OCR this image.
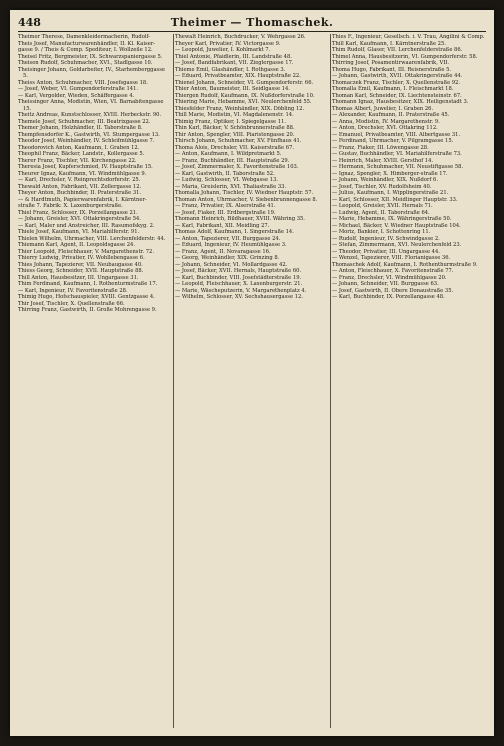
448	Theimer — Thomaschek.

Theimer Therese, Damenkleidermacherin, Rudolf-

Theis Josef, Manufacturwarenhändler, II. Kl. Kaiser-

gasse 9. / Theis & Comp. Spediteur, I. Wollzeile 12.

Theisel Fritz, Bergmeister, IX. Schwarzspaniergasse 5.

Theisen Rudolf, Schuhmacher, XVI., Stadlgasse 10.

Theisinger Johann, Goldarbeiter, IV., Starhemberggasse 5.

Theiss Anton, Schuhmacher, VIII. Josefsgasse 18.

— Josef, Weber, VI. Gumpendorferstraße 141.

— Karl, Vergolder, Wieden, Schäffergasse 4.

Theissinger Anna, Modistin, Wien, VI. Barnabitengasse 15.

Theitz Andreas, Kunstschlosser, XVIII. Herbeckstr. 90.

Themele Josef, Schuhmacher, III. Beatrixgasse 22.

Themer Johann, Holzhändler, II. Taborstraße 8.

Thempfensdorfer K., Gastwirth, VI. Stumpergasse 13.

Theodor Josef, Weinhändler, IV. Schleifmühlgasse 7.

Theodorovich Anton, Kaufmann, I. Graben 12.

Theophil Franz, Bäcker, Landstr., Kollergasse 5.

Therer Franz, Tischler, VII. Kirchengasse 22.

Theresia Josef, Kupferschmied, IV. Hauptstraße 15.

Theurer Ignaz, Kaufmann, VI. Windmühlgasse 9.

— Karl, Drechsler, V. Reinprechtsdorferstr. 25.

Thewald Anton, Fabrikant, VII. Zollergasse 12.

Theyer Anton, Buchbinder, II. Praterstraße 31.

— & Hardtmuth, Papierwarenfabrik, I. Kärntner-

straße 7. Fabrik: X. Laxenburgerstraße.

Thiel Franz, Schlosser, IX. Porzellangasse 21.

— Johann, Greisler, XVI. Ottakringerstraße 54.

— Karl, Maler und Anstreicher, III. Rasumofskyg. 2.

Thiele Josef, Kaufmann, VI. Mariahilferstr. 91.

Thielen Wilhelm, Uhrmacher, VIII. Lerchenfelderstr. 44.

Thiemann Karl, Agent, II. Leopoldsgasse 24.

Thier Leopold, Fleischhauer, V. Margarethenstr. 72.

Thierry Ludwig, Privatier, IV. Wohllebengasse 6.

Thies Johann, Tapezierer, VII. Neubaugasse 40.

Thiess Georg, Schneider, XVII. Hauptstraße 88.

Thill Anton, Hausbesitzer, III. Ungargasse 31.

Thim Ferdinand, Kaufmann, I. Rothenturmstraße 17.

— Karl, Ingenieur, IV. Favoritenstraße 28.

Thimig Hugo, Hofschauspieler, XVIII. Gentzgasse 4.

Thir Josef, Tischler, X. Quellenstraße 66.

Thirring Franz, Gastwirth, II. Große Mohrengasse 9.

Thewalt Heinrich, Buchdrucker, V. Wehrgasse 26.

Theyer Karl, Privatier, IV. Victorgasse 9.

— Leopold, Juwelier, I. Kohlmarkt 7.

Thiel Antonie, Pfaidlerin, III. Landstraße 48.

— Josef, Bandfabrikant, VII. Zieglergasse 17.

Thieme Emil, Glashändler, I. Rothgasse 3.

— Eduard, Privatbeamter, XIX. Hauptstraße 22.

Thienel Johann, Schneider, VI. Gumpendorferstr. 66.

Thier Anton, Baumeister, III. Seidlgasse 14.

Thiergen Rudolf, Kaufmann, IX. Nußdorferstraße 10.

Thiering Marie, Hebamme, XVI. Neulerchenfeld 55.

Thiesfelder Franz, Weinhändler, XIX. Döbling 12.

Thill Marie, Modistin, VI. Magdalenenstr. 14.

Thimig Franz, Optiker, I. Spiegelgasse 11.

Thin Karl, Bäcker, V. Schönbrunnerstraße 88.

Thir Anton, Spengler, VIII. Piaristengasse 20.

Thirsch Johann, Schuhmacher, XV. Fünfhaus 41.

Thoma Alois, Drechsler, VII. Kaiserstraße 67.

— Anton, Kaufmann, I. Wildpretmarkt 5.

— Franz, Buchhändler, III. Hauptstraße 29.

— Josef, Zimmermaler, X. Favoritenstraße 103.

— Karl, Gastwirth, II. Taborstraße 52.

— Ludwig, Schlosser, VI. Webgasse 13.

— Maria, Greislerin, XVI. Thaliastraße 33.

Thomalla Johann, Tischler, IV. Wiedner Hauptstr. 57.

Thoman Anton, Uhrmacher, V. Siebenbrunnengasse 8.

— Franz, Privatier, IX. Alserstraße 41.

— Josef, Fiaker, III. Erdbergstraße 19.

Thomann Heinrich, Bildhauer, XVIII. Währing 35.

— Karl, Fabrikant, XII. Meidling 27.

Thomas Adolf, Kaufmann, I. Singerstraße 14.

— Anton, Tapezierer, VII. Burggasse 24.

— Eduard, Ingenieur, IV. Heumühlgasse 3.

— Franz, Agent, II. Novaragasse 16.

— Georg, Weinhändler, XIX. Grinzing 8.

— Johann, Schneider, VI. Mollardgasse 42.

— Josef, Bäcker, XVII. Hernals, Hauptstraße 60.

— Karl, Buchbinder, VIII. Josefstädterstraße 19.

— Leopold, Fleischhauer, X. Laxenburgerstr. 21.

— Marie, Wäscheputzerin, V. Margarethenplatz 4.

— Wilhelm, Schlosser, XV. Sechshausergasse 12.

Thies F., Ingenieur, Gesellsch. i. V. Trau, Angilini & Comp.

Thill Karl, Kaufmann, I. Kärntnerstraße 25.

Thim Rudolf, Glaser, VII. Lerchenfelderstraße 86.

Thimel Anna, Hausbesitzerin, VI. Gumpendorferstr. 58.

Thirring Josef, Posamentirwaarenfabrik, VII.

Thoma Hugo, Fabrikant, III. Reisnerstraße 5.

— Johann, Gastwirth, XVII. Ottakringerstraße 44.

Thomaczek Franz, Tischler, X. Quellenstraße 92.

Thomalla Emil, Kaufmann, I. Fleischmarkt 18.

Thoman Karl, Schneider, IX. Liechtensteinstr. 67.

Thomann Ignaz, Hausbesitzer, XIX. Heiligenstadt 3.

Thomas Albert, Juwelier, I. Graben 26.

— Alexander, Kaufmann, II. Praterstraße 45.

— Anna, Modistin, IV. Margarethenstr. 9.

— Anton, Drechsler, XVI. Ottakring 112.

— Emanuel, Privatbeamter, VIII. Albertgasse 31.

— Ferdinand, Uhrmacher, V. Pilgramgasse 15.

— Franz, Fiaker, III. Löwengasse 28.

— Gustav, Buchhändler, VI. Mariahilferstraße 73.

— Heinrich, Maler, XVIII. Gersthof 14.

— Hermann, Schuhmacher, VII. Neustiftgasse 58.

— Ignaz, Spengler, X. Himberger-straße 17.

— Johann, Weinhändler, XIX. Nußdorf 6.

— Josef, Tischler, XV. Rudolfsheim 40.

— Julius, Kaufmann, I. Wipplingerstraße 21.

— Karl, Schlosser, XII. Meidlinger Hauptstr. 33.

— Leopold, Greisler, XVII. Hernals 71.

— Ludwig, Agent, II. Taborstraße 64.

— Marie, Hebamme, IX. Währingerstraße 50.

— Michael, Bäcker, V. Wiedner Hauptstraße 104.

— Moriz, Bankier, I. Schottenring 11.

— Rudolf, Ingenieur, IV. Schwindgasse 2.

— Stefan, Zimmermann, XVI. Neulerchenfeld 23.

— Theodor, Privatier, III. Ungargasse 44.

— Wenzel, Tapezierer, VIII. Florianigasse 36.

Thomaschek Adolf, Kaufmann, I. Rothenthurmstraße 9.

— Anton, Fleischhauer, X. Favoritenstraße 77.

— Franz, Drechsler, VI. Windmühlgasse 20.

— Johann, Schneider, VII. Burggasse 63.

— Josef, Gastwirth, II. Obere Donaustraße 35.

— Karl, Buchbinder, IX. Porzellangasse 48.
